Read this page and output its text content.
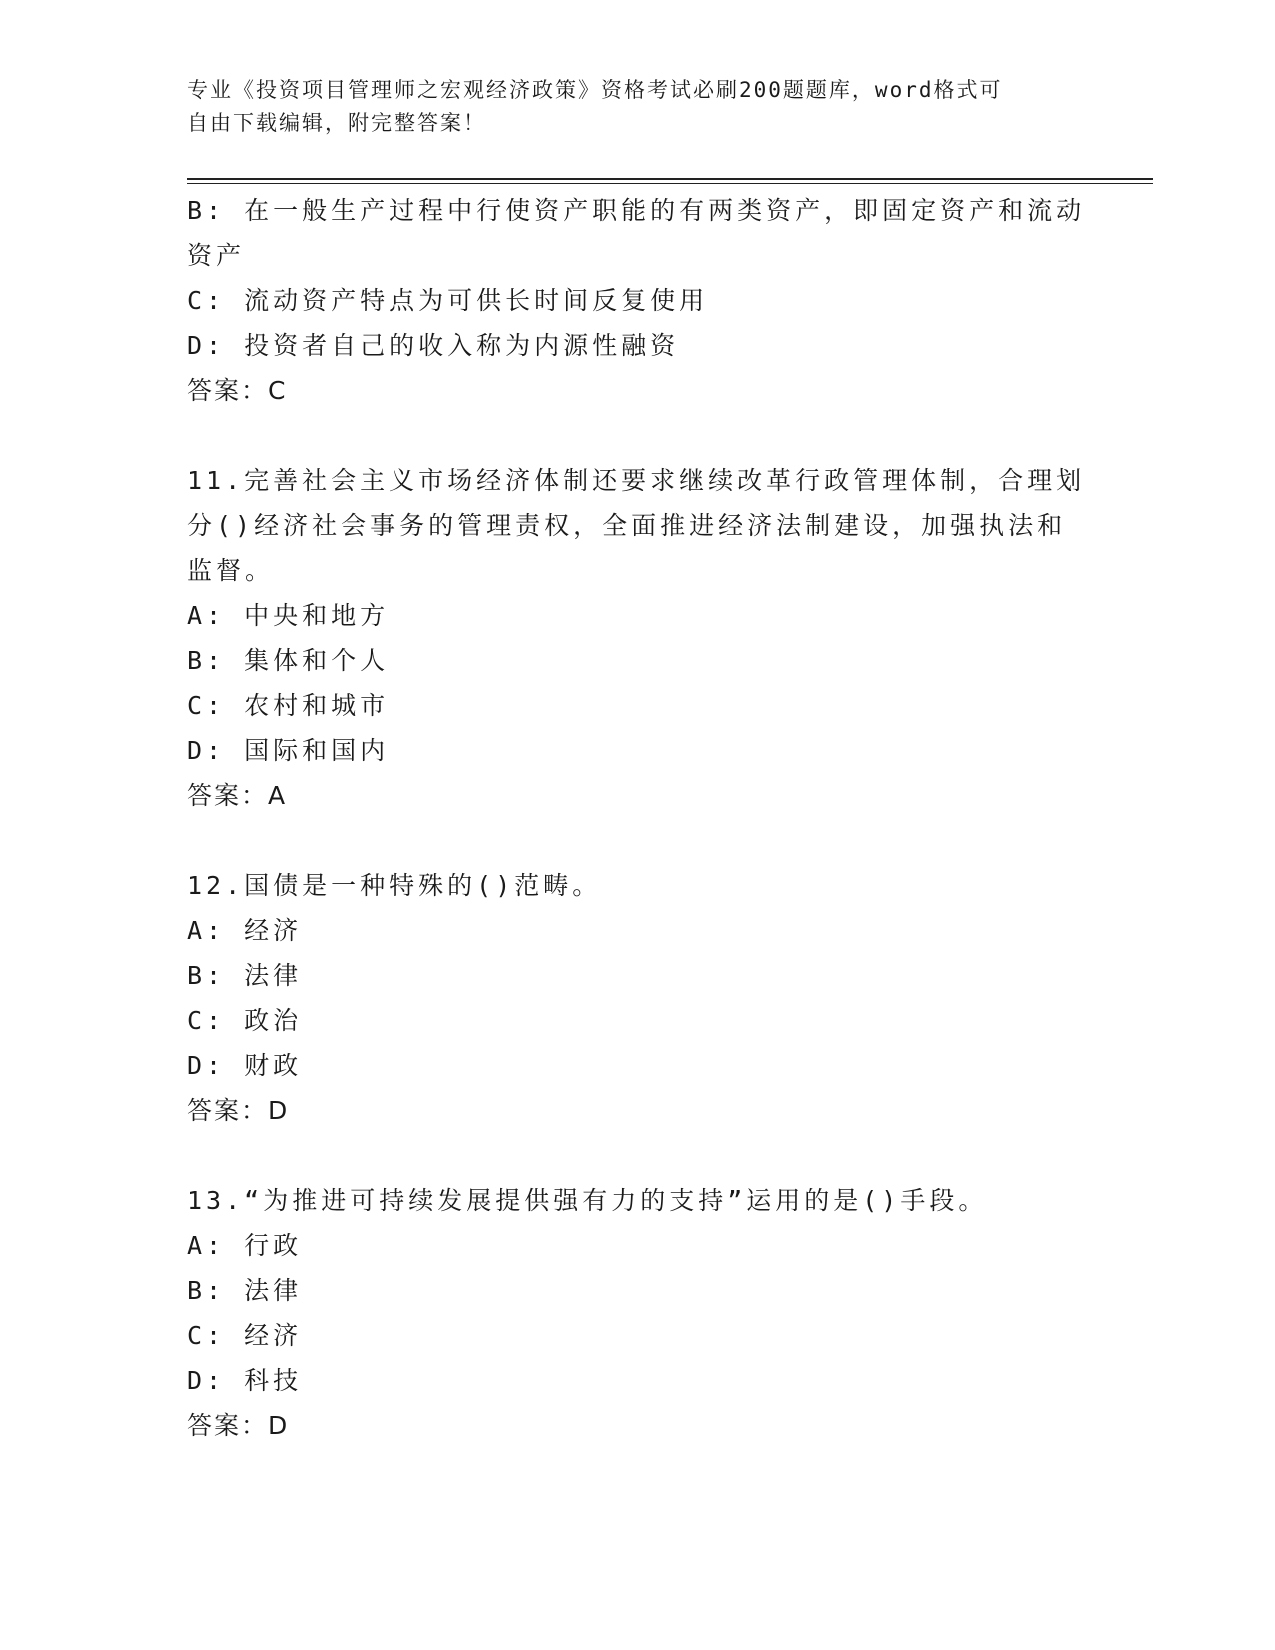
专业《投资项目管理师之宏观经济政策》资格考试必刷200题题库，word格式可
自由下载编辑，附完整答案！
B: 在一般生产过程中行使资产职能的有两类资产，即固定资产和流动
资产
C: 流动资产特点为可供长时间反复使用
D: 投资者自己的收入称为内源性融资
答案：C
11.完善社会主义市场经济体制还要求继续改革行政管理体制，合理划
分()经济社会事务的管理责权，全面推进经济法制建设，加强执法和
监督。
A: 中央和地方
B: 集体和个人
C: 农村和城市
D: 国际和国内
答案：A
12.国债是一种特殊的()范畴。
A: 经济
B: 法律
C: 政治
D: 财政
答案：D
13.“为推进可持续发展提供强有力的支持”运用的是()手段。
A: 行政
B: 法律
C: 经济
D: 科技
答案：D
